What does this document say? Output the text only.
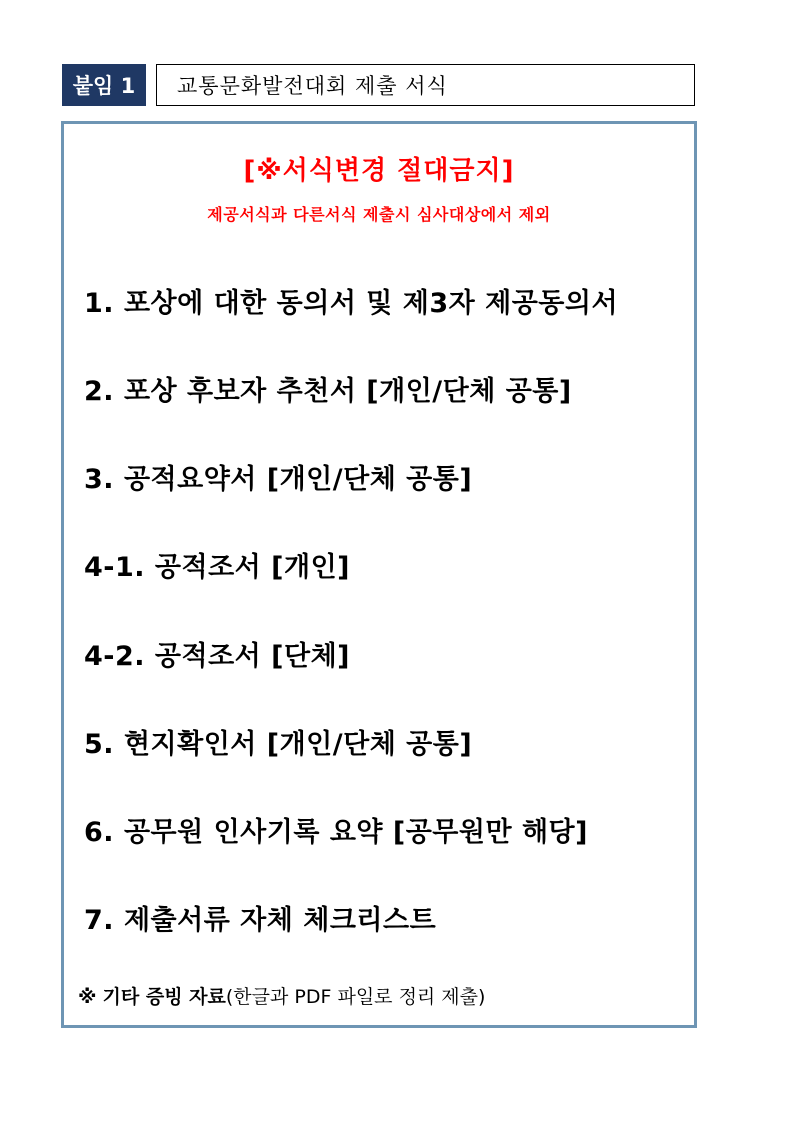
붙임 1	교통문화발전대회 제출 서식
[※서식변경 절대금지]
제공서식과 다른서식 제출시 심사대상에서 제외
1. 포상에 대한 동의서 및 제3자 제공동의서
2. 포상 후보자 추천서 [개인/단체 공통]
3. 공적요약서 [개인/단체 공통]
4-1. 공적조서 [개인]
4-2. 공적조서 [단체]
5. 현지확인서 [개인/단체 공통]
6. 공무원 인사기록 요약 [공무원만 해당]
7. 제출서류 자체 체크리스트
※ 기타 증빙 자료(한글과 PDF 파일로 정리 제출)
